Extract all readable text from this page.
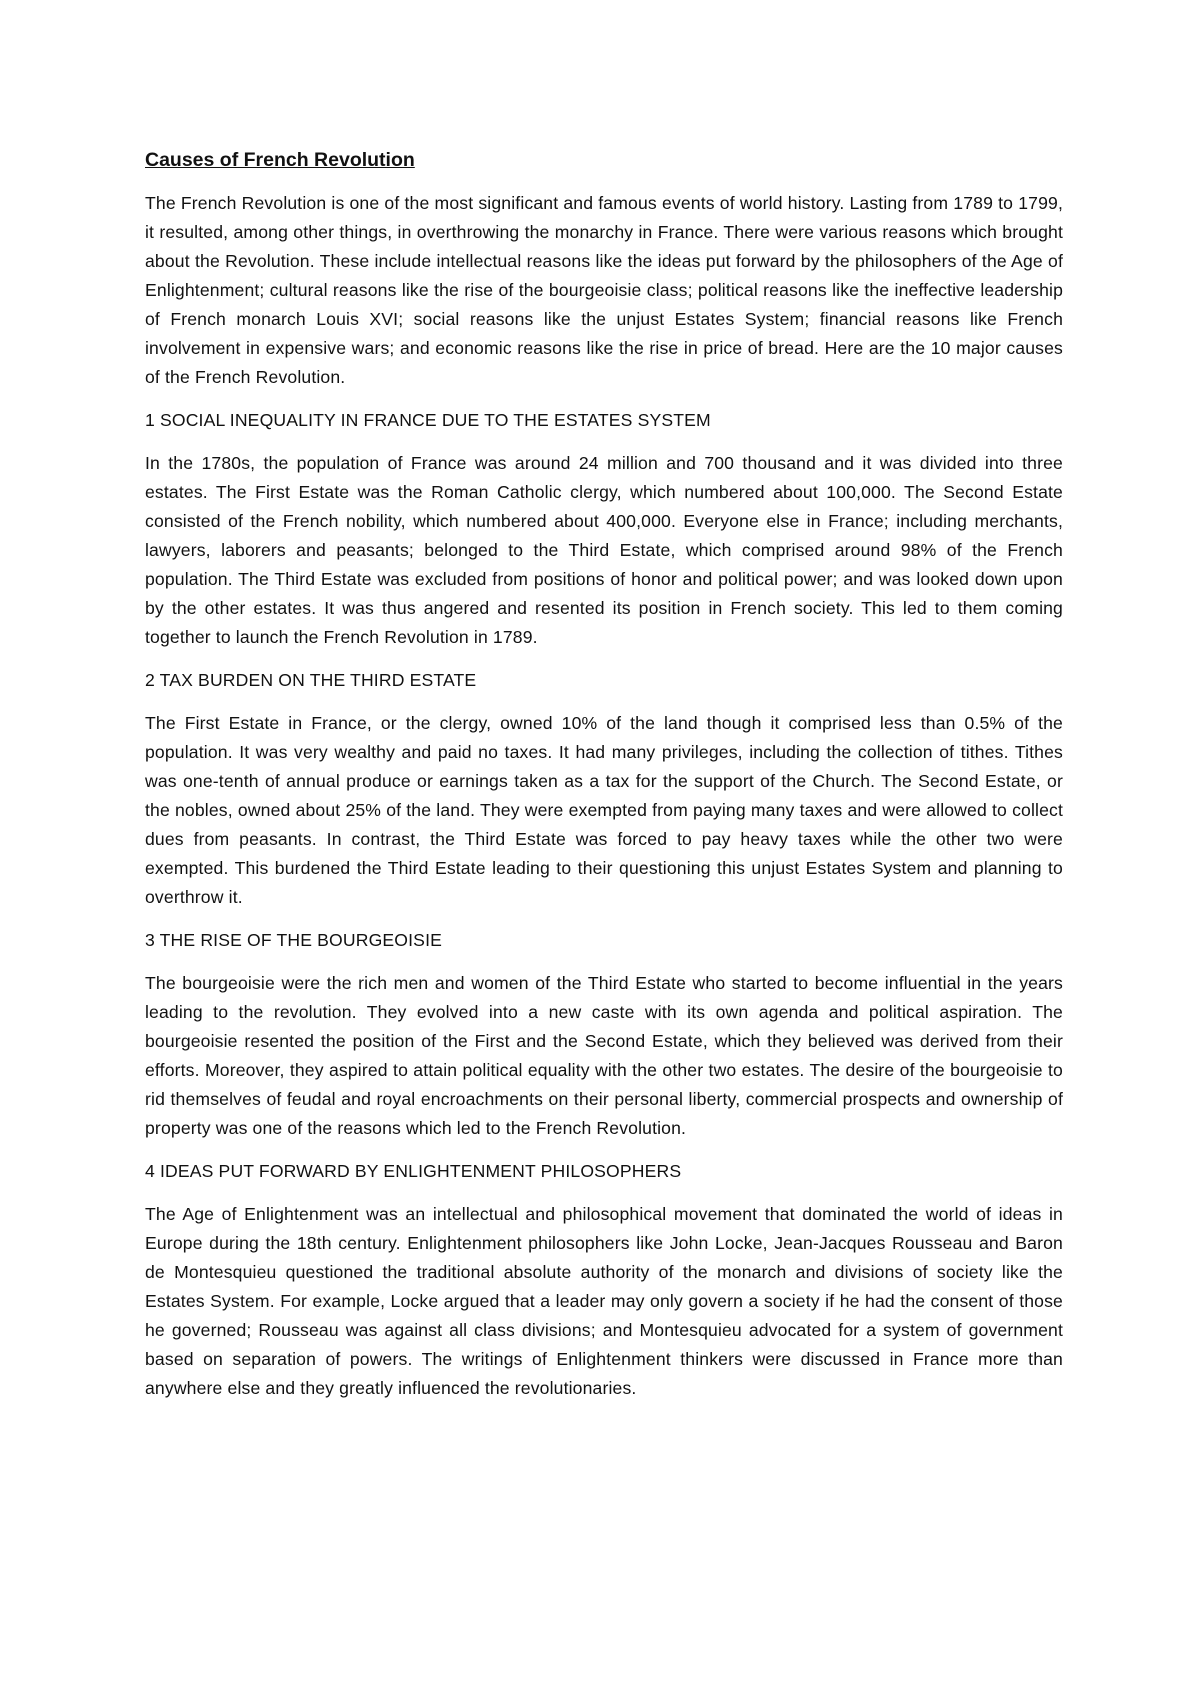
Causes of French Revolution

The French Revolution is one of the most significant and famous events of world history. Lasting from 1789 to 1799, it resulted, among other things, in overthrowing the monarchy in France. There were various reasons which brought about the Revolution. These include intellectual reasons like the ideas put forward by the philosophers of the Age of Enlightenment; cultural reasons like the rise of the bourgeoisie class; political reasons like the ineffective leadership of French monarch Louis XVI; social reasons like the unjust Estates System; financial reasons like French involvement in expensive wars; and economic reasons like the rise in price of bread. Here are the 10 major causes of the French Revolution.

1 SOCIAL INEQUALITY IN FRANCE DUE TO THE ESTATES SYSTEM

In the 1780s, the population of France was around 24 million and 700 thousand and it was divided into three estates. The First Estate was the Roman Catholic clergy, which numbered about 100,000. The Second Estate consisted of the French nobility, which numbered about 400,000. Everyone else in France; including merchants, lawyers, laborers and peasants; belonged to the Third Estate, which comprised around 98% of the French population. The Third Estate was excluded from positions of honor and political power; and was looked down upon by the other estates. It was thus angered and resented its position in French society. This led to them coming together to launch the French Revolution in 1789.

2 TAX BURDEN ON THE THIRD ESTATE

The First Estate in France, or the clergy, owned 10% of the land though it comprised less than 0.5% of the population. It was very wealthy and paid no taxes. It had many privileges, including the collection of tithes. Tithes was one-tenth of annual produce or earnings taken as a tax for the support of the Church. The Second Estate, or the nobles, owned about 25% of the land. They were exempted from paying many taxes and were allowed to collect dues from peasants. In contrast, the Third Estate was forced to pay heavy taxes while the other two were exempted. This burdened the Third Estate leading to their questioning this unjust Estates System and planning to overthrow it.

3 THE RISE OF THE BOURGEOISIE

The bourgeoisie were the rich men and women of the Third Estate who started to become influential in the years leading to the revolution. They evolved into a new caste with its own agenda and political aspiration. The bourgeoisie resented the position of the First and the Second Estate, which they believed was derived from their efforts. Moreover, they aspired to attain political equality with the other two estates. The desire of the bourgeoisie to rid themselves of feudal and royal encroachments on their personal liberty, commercial prospects and ownership of property was one of the reasons which led to the French Revolution.

4 IDEAS PUT FORWARD BY ENLIGHTENMENT PHILOSOPHERS

The Age of Enlightenment was an intellectual and philosophical movement that dominated the world of ideas in Europe during the 18th century. Enlightenment philosophers like John Locke, Jean-Jacques Rousseau and Baron de Montesquieu questioned the traditional absolute authority of the monarch and divisions of society like the Estates System. For example, Locke argued that a leader may only govern a society if he had the consent of those he governed; Rousseau was against all class divisions; and Montesquieu advocated for a system of government based on separation of powers. The writings of Enlightenment thinkers were discussed in France more than anywhere else and they greatly influenced the revolutionaries.
